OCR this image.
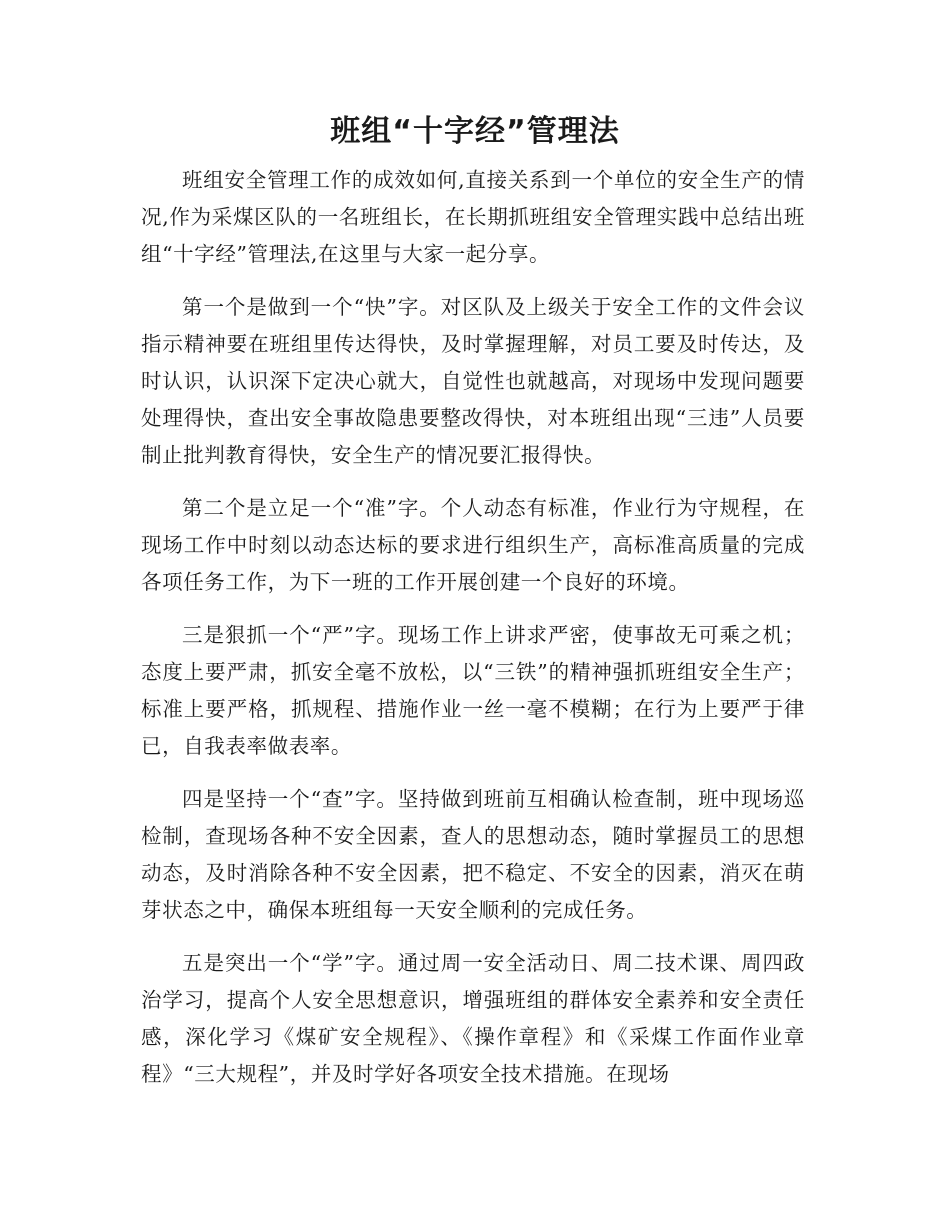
班组“十字经”管理法

班组安全管理工作的成效如何,直接关系到一个单位的安全生产的情况,作为采煤区队的一名班组长，在长期抓班组安全管理实践中总结出班组“十字经”管理法,在这里与大家一起分享。

第一个是做到一个“快”字。对区队及上级关于安全工作的文件会议指示精神要在班组里传达得快，及时掌握理解，对员工要及时传达，及时认识，认识深下定决心就大，自觉性也就越高，对现场中发现问题要处理得快，查出安全事故隐患要整改得快，对本班组出现“三违”人员要制止批判教育得快，安全生产的情况要汇报得快。

第二个是立足一个“准”字。个人动态有标准，作业行为守规程，在现场工作中时刻以动态达标的要求进行组织生产，高标准高质量的完成各项任务工作，为下一班的工作开展创建一个良好的环境。

三是狠抓一个“严”字。现场工作上讲求严密，使事故无可乘之机；态度上要严肃，抓安全毫不放松，以“三铁”的精神强抓班组安全生产；标准上要严格，抓规程、措施作业一丝一毫不模糊；在行为上要严于律已，自我表率做表率。

四是坚持一个“查”字。坚持做到班前互相确认检查制，班中现场巡检制，查现场各种不安全因素，查人的思想动态，随时掌握员工的思想动态，及时消除各种不安全因素，把不稳定、不安全的因素，消灭在萌芽状态之中，确保本班组每一天安全顺利的完成任务。

五是突出一个“学”字。通过周一安全活动日、周二技术课、周四政治学习，提高个人安全思想意识，增强班组的群体安全素养和安全责任感，深化学习《煤矿安全规程》、《操作章程》和《采煤工作面作业章程》“三大规程”，并及时学好各项安全技术措施。在现场
